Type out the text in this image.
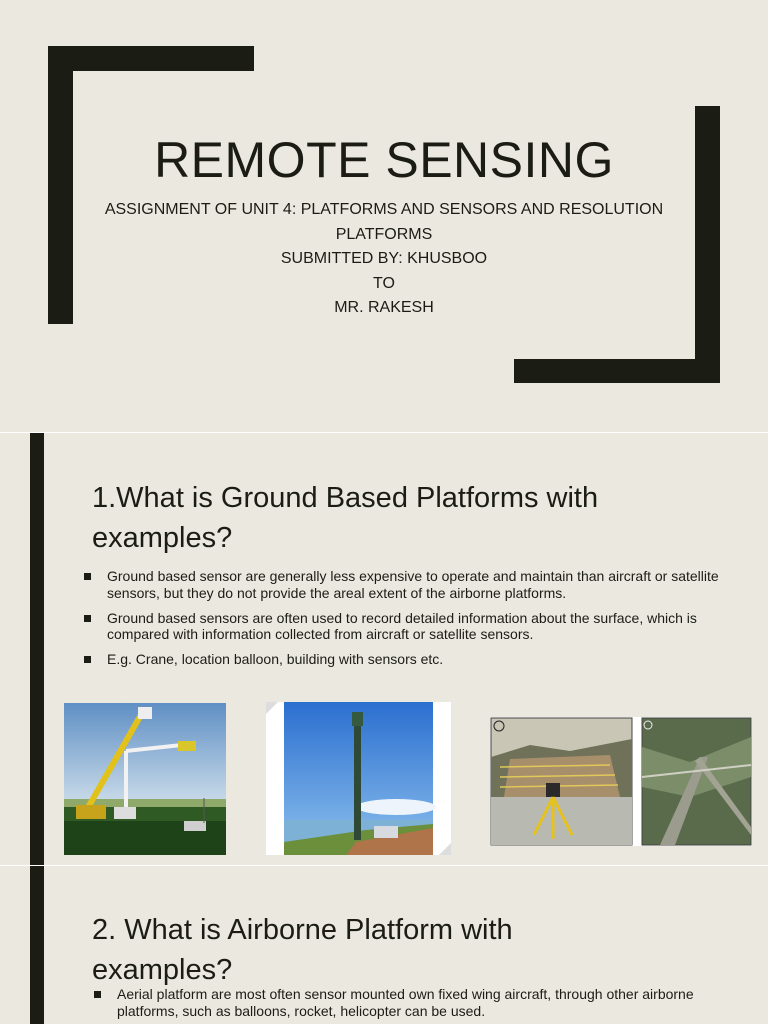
REMOTE SENSING
ASSIGNMENT OF UNIT 4: PLATFORMS AND SENSORS AND RESOLUTION
PLATFORMS
SUBMITTED BY: KHUSBOO
TO
MR. RAKESH
1.What is Ground Based Platforms with
examples?
Ground based sensor are generally less expensive to operate and maintain than aircraft or satellite sensors, but they do not provide the areal extent of the airborne platforms.
Ground based sensors are often used to record detailed information about the surface, which is compared with information collected from aircraft or satellite sensors.
E.g. Crane, location balloon, building with sensors etc.
2. What is Airborne Platform with
examples?
Aerial platform are most often sensor mounted own fixed wing aircraft, through other airborne platforms, such as balloons, rocket, helicopter can be used.
